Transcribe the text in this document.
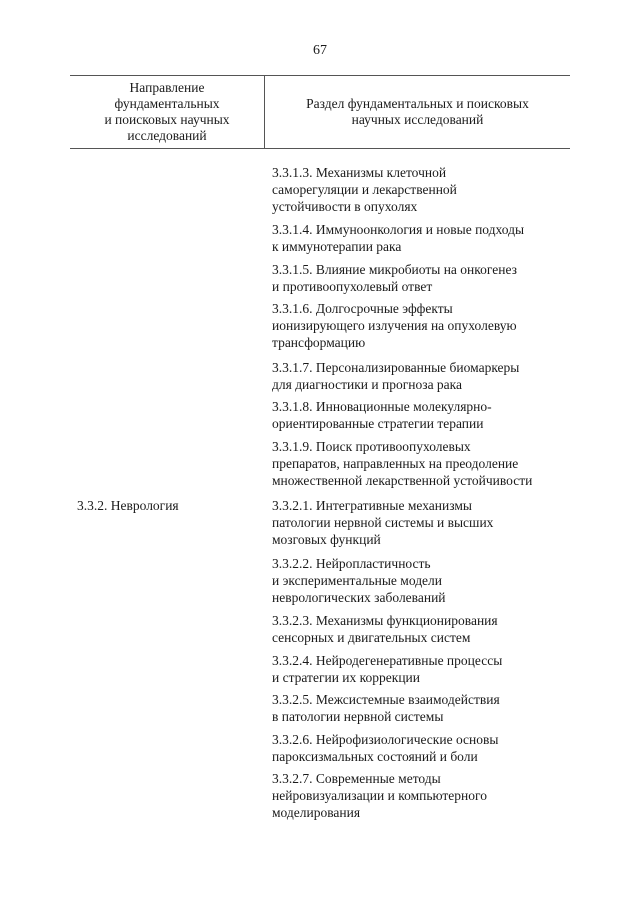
67
Направление
фундаментальных
и поисковых научных
исследований
Раздел фундаментальных и поисковых
научных исследований
3.3.1.3. Механизмы клеточной
саморегуляции и лекарственной
устойчивости в опухолях
3.3.1.4. Иммуноонкология и новые подходы
к иммунотерапии рака
3.3.1.5. Влияние микробиоты на онкогенез
и противоопухолевый ответ
3.3.1.6. Долгосрочные эффекты
ионизирующего излучения на опухолевую
трансформацию
3.3.1.7. Персонализированные биомаркеры
для диагностики и прогноза рака
3.3.1.8. Инновационные молекулярно-
ориентированные стратегии терапии
3.3.1.9. Поиск противоопухолевых
препаратов, направленных на преодоление
множественной лекарственной устойчивости
3.3.2. Неврология	3.3.2.1. Интегративные механизмы
патологии нервной системы и высших
мозговых функций
3.3.2.2. Нейропластичность
и экспериментальные модели
неврологических заболеваний
3.3.2.3. Механизмы функционирования
сенсорных и двигательных систем
3.3.2.4. Нейродегенеративные процессы
и стратегии их коррекции
3.3.2.5. Межсистемные взаимодействия
в патологии нервной системы
3.3.2.6. Нейрофизиологические основы
пароксизмальных состояний и боли
3.3.2.7. Современные методы
нейровизуализации и компьютерного
моделирования
